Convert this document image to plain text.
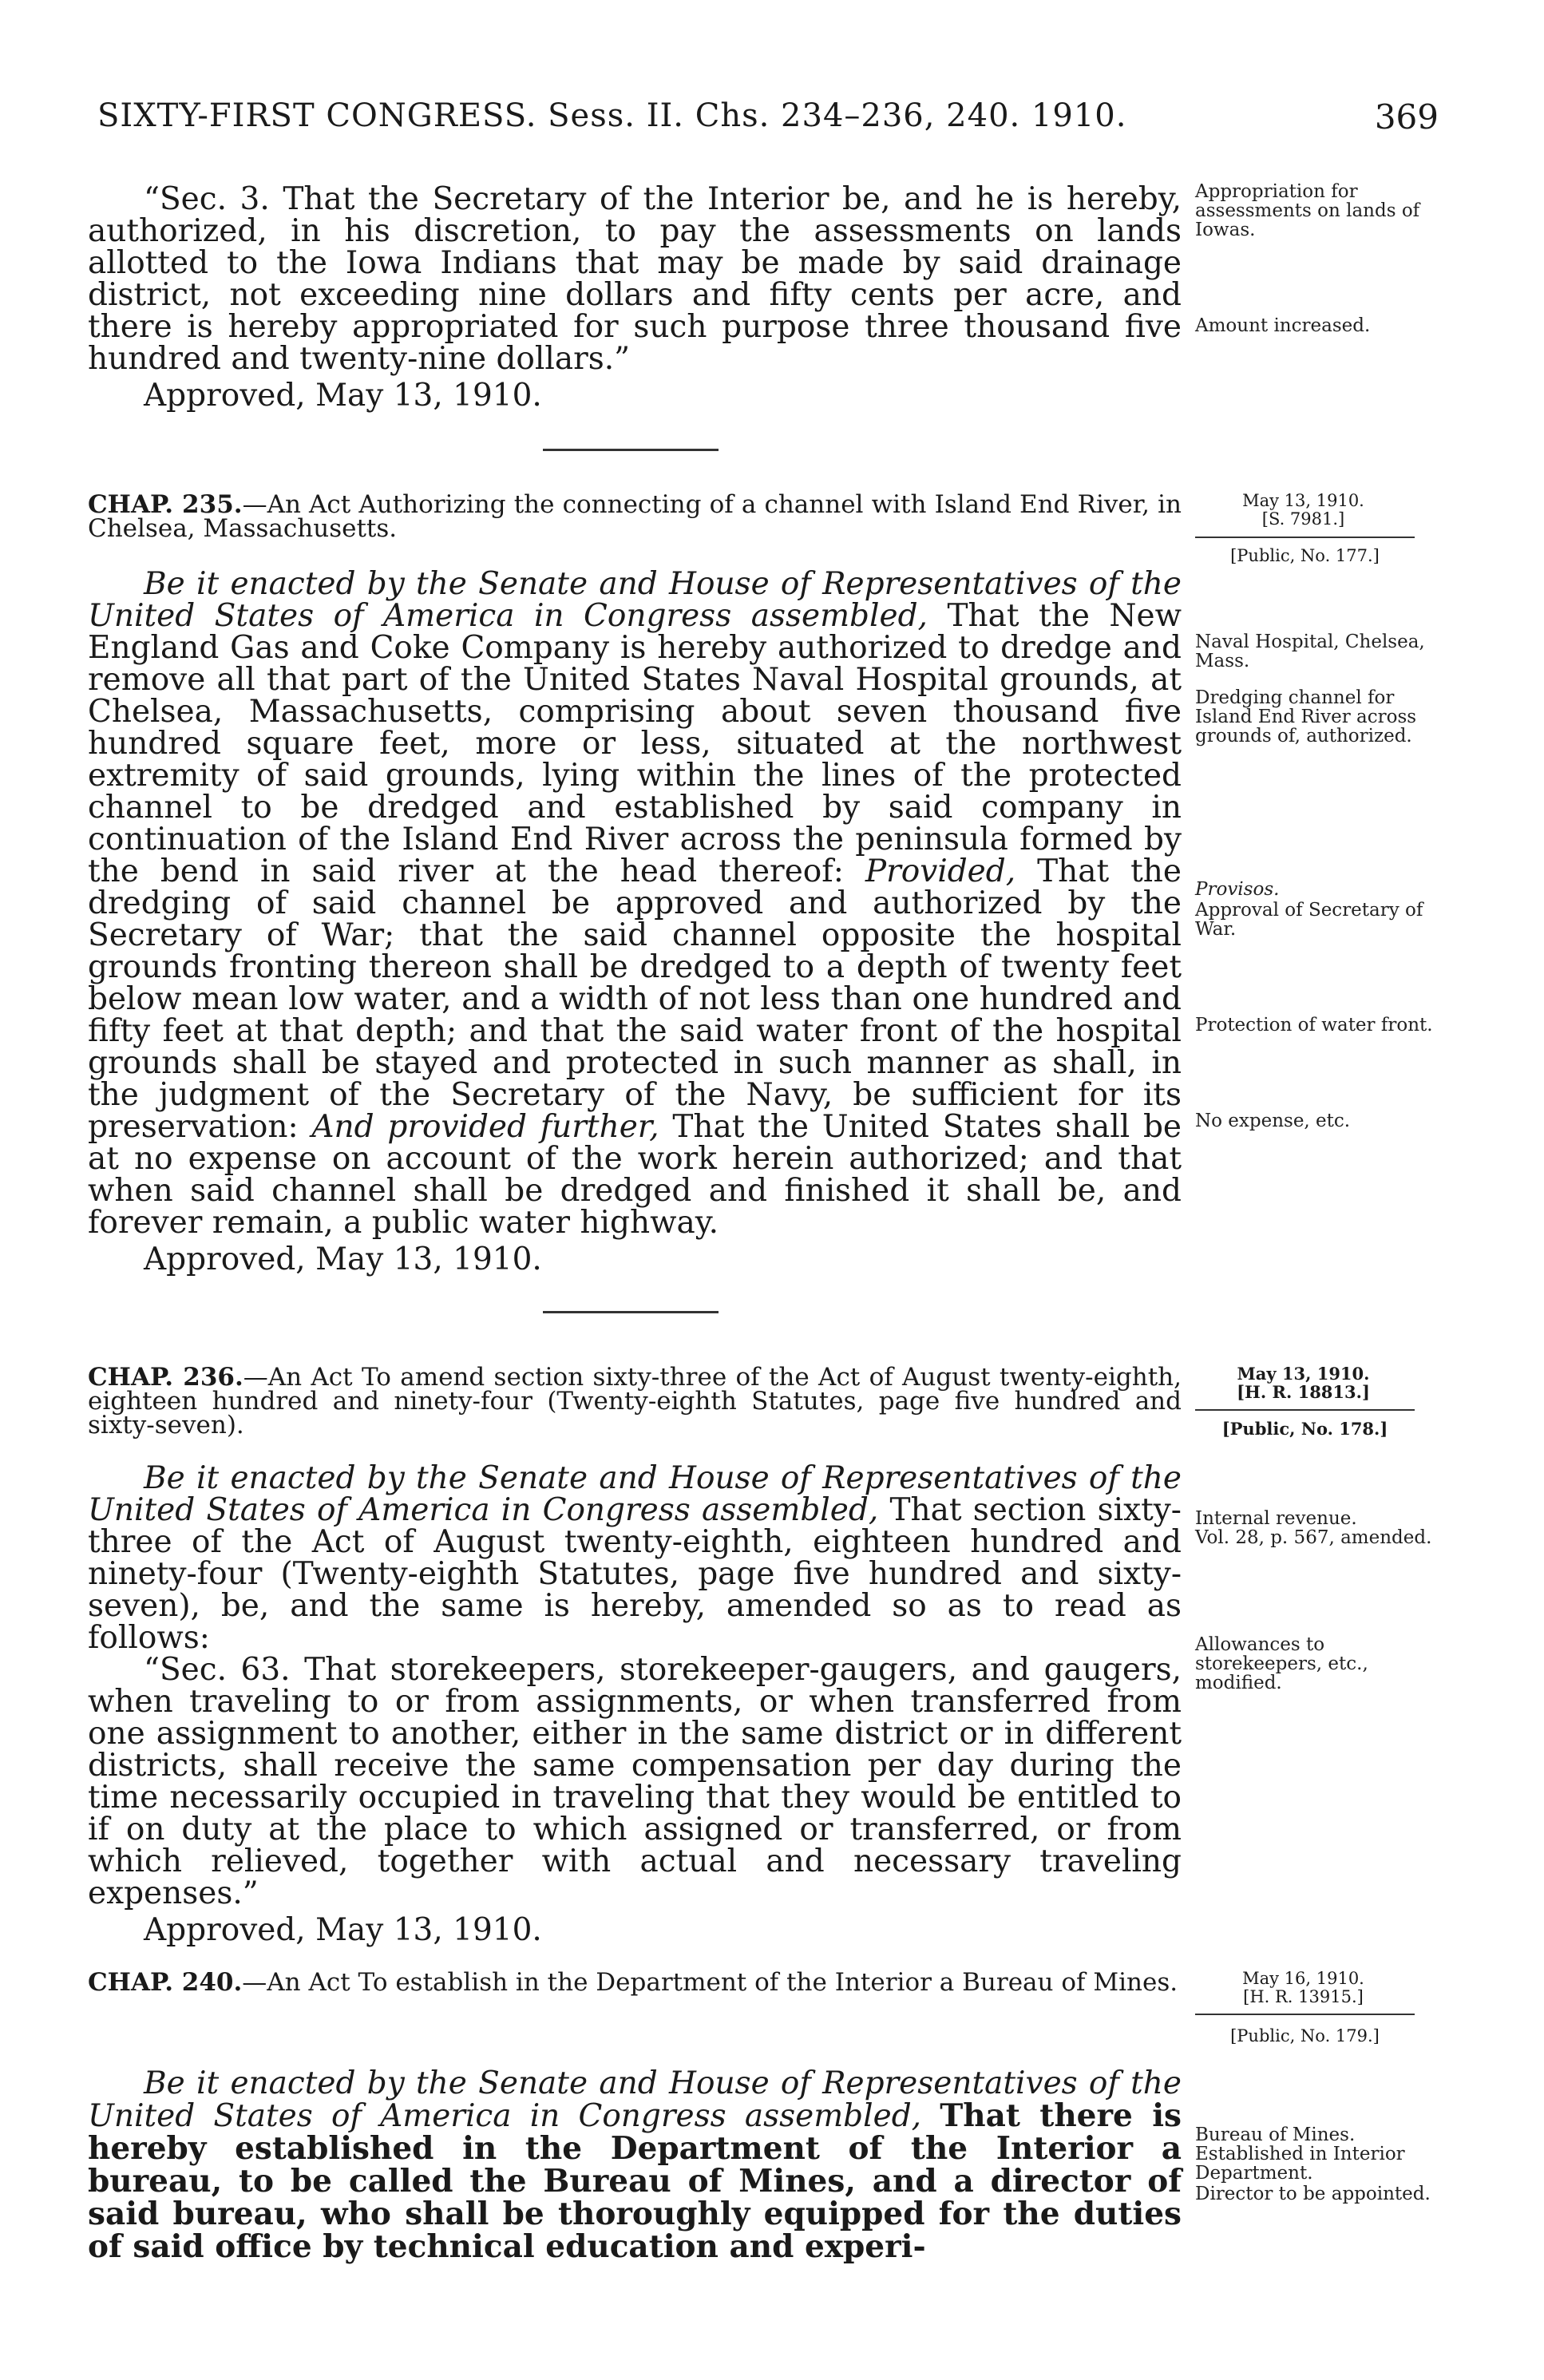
SIXTY-FIRST CONGRESS. Sess. II. Chs. 234–236, 240. 1910.	369

“Sec. 3. That the Secretary of the Interior be, and he is hereby, authorized, in his discretion, to pay the assessments on lands allotted to the Iowa Indians that may be made by said drainage district, not exceeding nine dollars and fifty cents per acre, and there is hereby appropriated for such purpose three thousand five hundred and twenty-nine dollars.”

Approved, May 13, 1910.

Appropriation for assessments on lands of Iowas.
Amount increased.
CHAP. 235.—An Act Authorizing the connecting of a channel with Island End River, in Chelsea, Massachusetts.
May 13, 1910.
[S. 7981.]
[Public, No. 177.]

Be it enacted by the Senate and House of Representatives of the United States of America in Congress assembled, That the New England Gas and Coke Company is hereby authorized to dredge and remove all that part of the United States Naval Hospital grounds, at Chelsea, Massachusetts, comprising about seven thousand five hundred square feet, more or less, situated at the northwest extremity of said grounds, lying within the lines of the protected channel to be dredged and established by said company in continuation of the Island End River across the peninsula formed by the bend in said river at the head thereof: Provided, That the dredging of said channel be approved and authorized by the Secretary of War; that the said channel opposite the hospital grounds fronting thereon shall be dredged to a depth of twenty feet below mean low water, and a width of not less than one hundred and fifty feet at that depth; and that the said water front of the hospital grounds shall be stayed and protected in such manner as shall, in the judgment of the Secretary of the Navy, be sufficient for its preservation: And provided further, That the United States shall be at no expense on account of the work herein authorized; and that when said channel shall be dredged and finished it shall be, and forever remain, a public water highway.

Approved, May 13, 1910.

Naval Hospital, Chelsea, Mass.
Dredging channel for Island End River across grounds of, authorized.
Provisos.
Approval of Secretary of War.
Protection of water front.
No expense, etc.
CHAP. 236.—An Act To amend section sixty-three of the Act of August twenty-eighth, eighteen hundred and ninety-four (Twenty-eighth Statutes, page five hundred and sixty-seven).
May 13, 1910.
[H. R. 18813.]
[Public, No. 178.]

Be it enacted by the Senate and House of Representatives of the United States of America in Congress assembled, That section sixty-three of the Act of August twenty-eighth, eighteen hundred and ninety-four (Twenty-eighth Statutes, page five hundred and sixty-seven), be, and the same is hereby, amended so as to read as follows:

“Sec. 63. That storekeepers, storekeeper-gaugers, and gaugers, when traveling to or from assignments, or when transferred from one assignment to another, either in the same district or in different districts, shall receive the same compensation per day during the time necessarily occupied in traveling that they would be entitled to if on duty at the place to which assigned or transferred, or from which relieved, together with actual and necessary traveling expenses.”

Approved, May 13, 1910.

Internal revenue.
Vol. 28, p. 567, amended.
Allowances to storekeepers, etc., modified.
CHAP. 240.—An Act To establish in the Department of the Interior a Bureau of Mines.	May 16, 1910.
[H. R. 13915.]
[Public, No. 179.]

Be it enacted by the Senate and House of Representatives of the United States of America in Congress assembled, That there is hereby established in the Department of the Interior a bureau, to be called the Bureau of Mines, and a director of said bureau, who shall be thoroughly equipped for the duties of said office by technical education and experi-

Bureau of Mines.
Established in Interior Department.
Director to be appointed.
